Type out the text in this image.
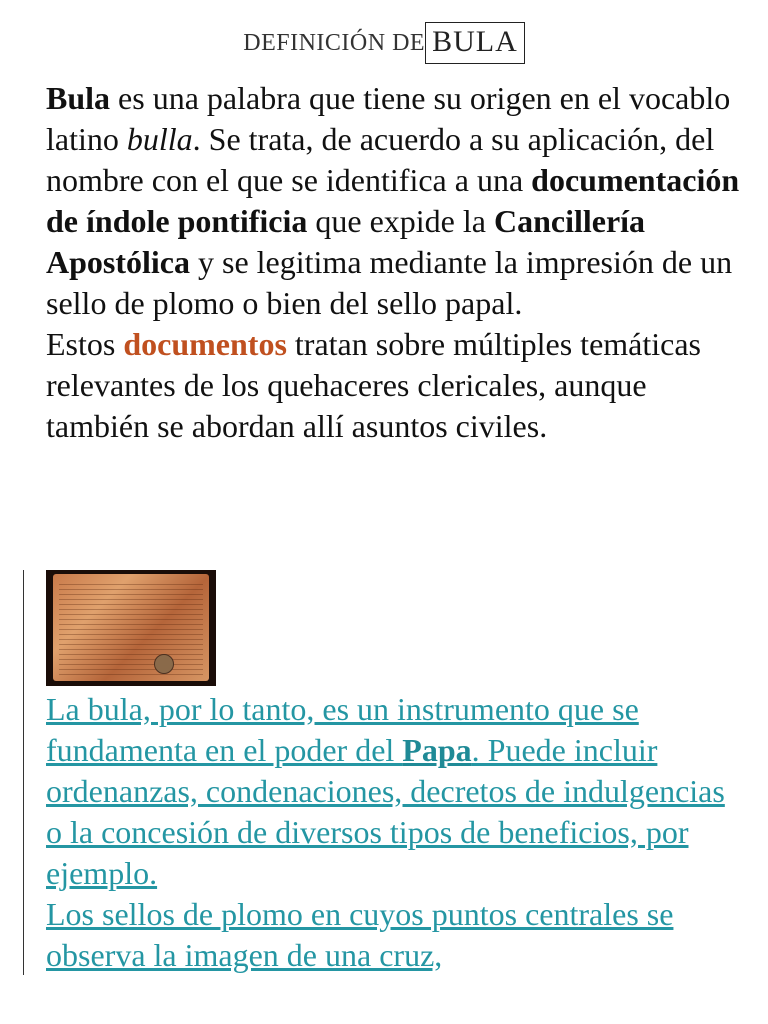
DEFINICIÓN DE BULA

Bula es una palabra que tiene su origen en el vocablo latino bulla. Se trata, de acuerdo a su aplicación, del nombre con el que se identifica a una documentación de índole pontificia que expide la Cancillería Apostólica y se legitima mediante la impresión de un sello de plomo o bien del sello papal.

Estos documentos tratan sobre múltiples temáticas relevantes de los quehaceres clericales, aunque también se abordan allí asuntos civiles.

La bula, por lo tanto, es un instrumento que se fundamenta en el poder del Papa. Puede incluir ordenanzas, condenaciones, decretos de indulgencias o la concesión de diversos tipos de beneficios, por ejemplo.

Los sellos de plomo en cuyos puntos centrales se observa la imagen de una cruz,
